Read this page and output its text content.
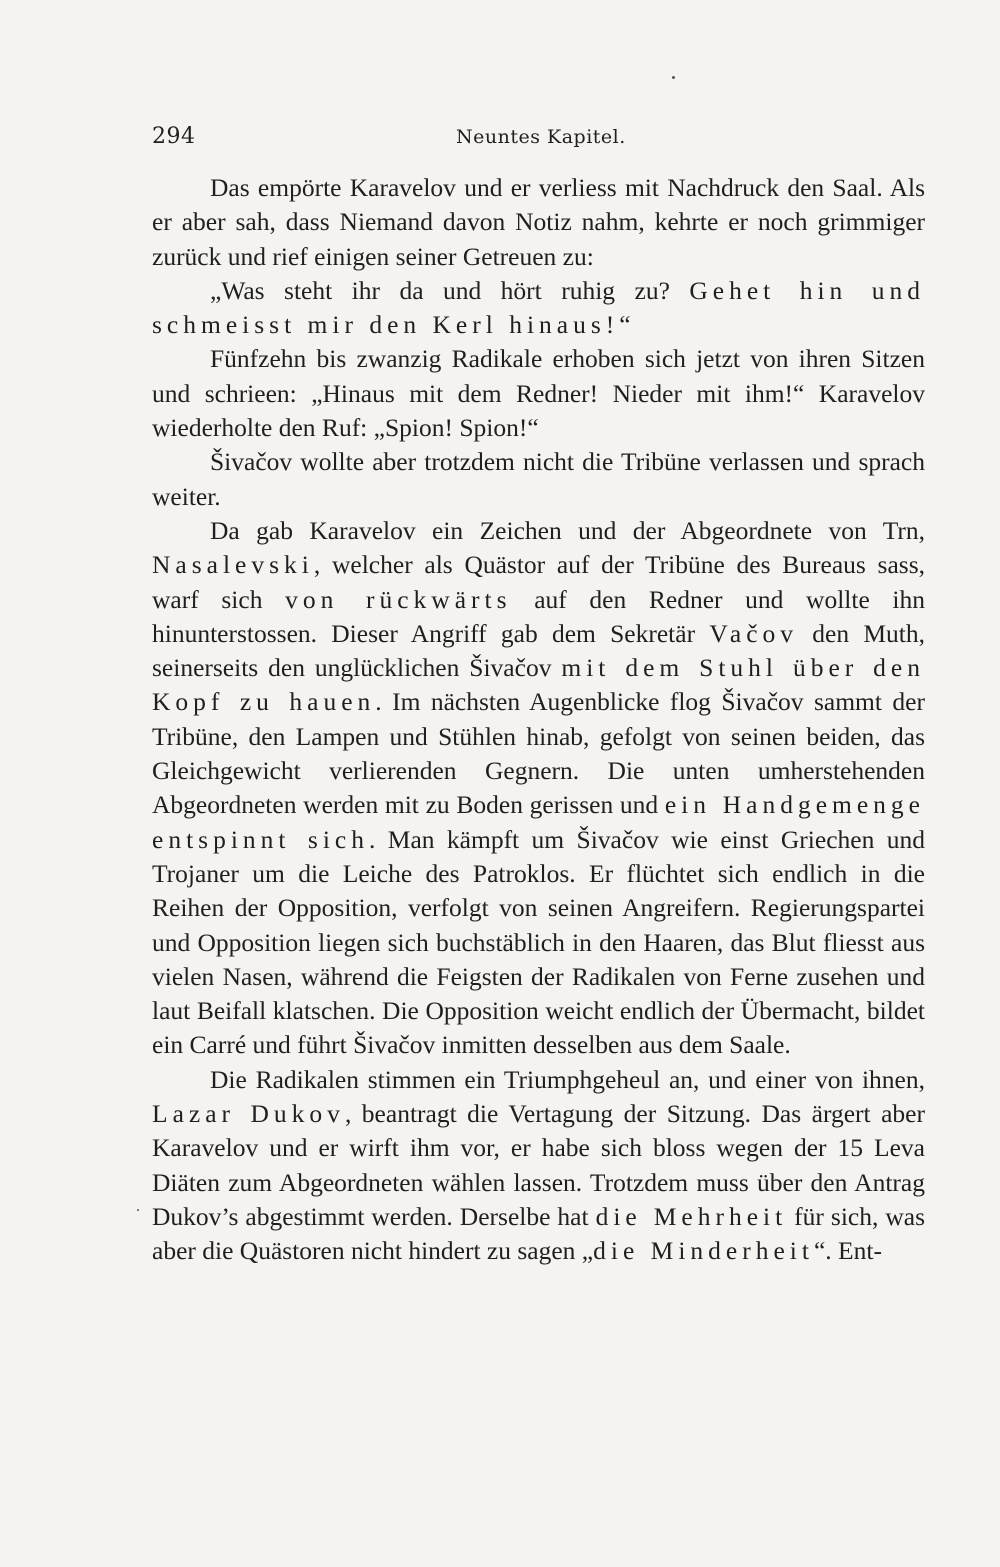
294	Neuntes Kapitel.

Das empörte Karavelov und er verliess mit Nachdruck den Saal. Als er aber sah, dass Niemand davon Notiz nahm, kehrte er noch grimmiger zurück und rief einigen seiner Getreuen zu:

„Was steht ihr da und hört ruhig zu? Gehet hin und schmeisst mir den Kerl hinaus!“

Fünfzehn bis zwanzig Radikale erhoben sich jetzt von ihren Sitzen und schrieen: „Hinaus mit dem Redner! Nieder mit ihm!“ Karavelov wiederholte den Ruf: „Spion! Spion!“

Šivačov wollte aber trotzdem nicht die Tribüne verlassen und sprach weiter.

Da gab Karavelov ein Zeichen und der Abgeordnete von Trn, Nasalevski, welcher als Quästor auf der Tribüne des Bureaus sass, warf sich von rückwärts auf den Redner und wollte ihn hinunterstossen. Dieser Angriff gab dem Sekretär Vačov den Muth, seinerseits den unglücklichen Šivačov mit dem Stuhl über den Kopf zu hauen. Im nächsten Augenblicke flog Šivačov sammt der Tribüne, den Lampen und Stühlen hinab, gefolgt von seinen beiden, das Gleichgewicht verlierenden Gegnern. Die unten umherstehenden Abgeordneten werden mit zu Boden gerissen und ein Handgemenge entspinnt sich. Man kämpft um Šivačov wie einst Griechen und Trojaner um die Leiche des Patroklos. Er flüchtet sich endlich in die Reihen der Opposition, verfolgt von seinen Angreifern. Regierungspartei und Opposition liegen sich buchstäblich in den Haaren, das Blut fliesst aus vielen Nasen, während die Feigsten der Radikalen von Ferne zusehen und laut Beifall klatschen. Die Opposition weicht endlich der Übermacht, bildet ein Carré und führt Šivačov inmitten desselben aus dem Saale.

Die Radikalen stimmen ein Triumphgeheul an, und einer von ihnen, Lazar Dukov, beantragt die Vertagung der Sitzung. Das ärgert aber Karavelov und er wirft ihm vor, er habe sich bloss wegen der 15 Leva Diäten zum Abgeordneten wählen lassen. Trotzdem muss über den Antrag Dukov’s abgestimmt werden. Derselbe hat die Mehrheit für sich, was aber die Quästoren nicht hindert zu sagen „die Minderheit“. Ent-
